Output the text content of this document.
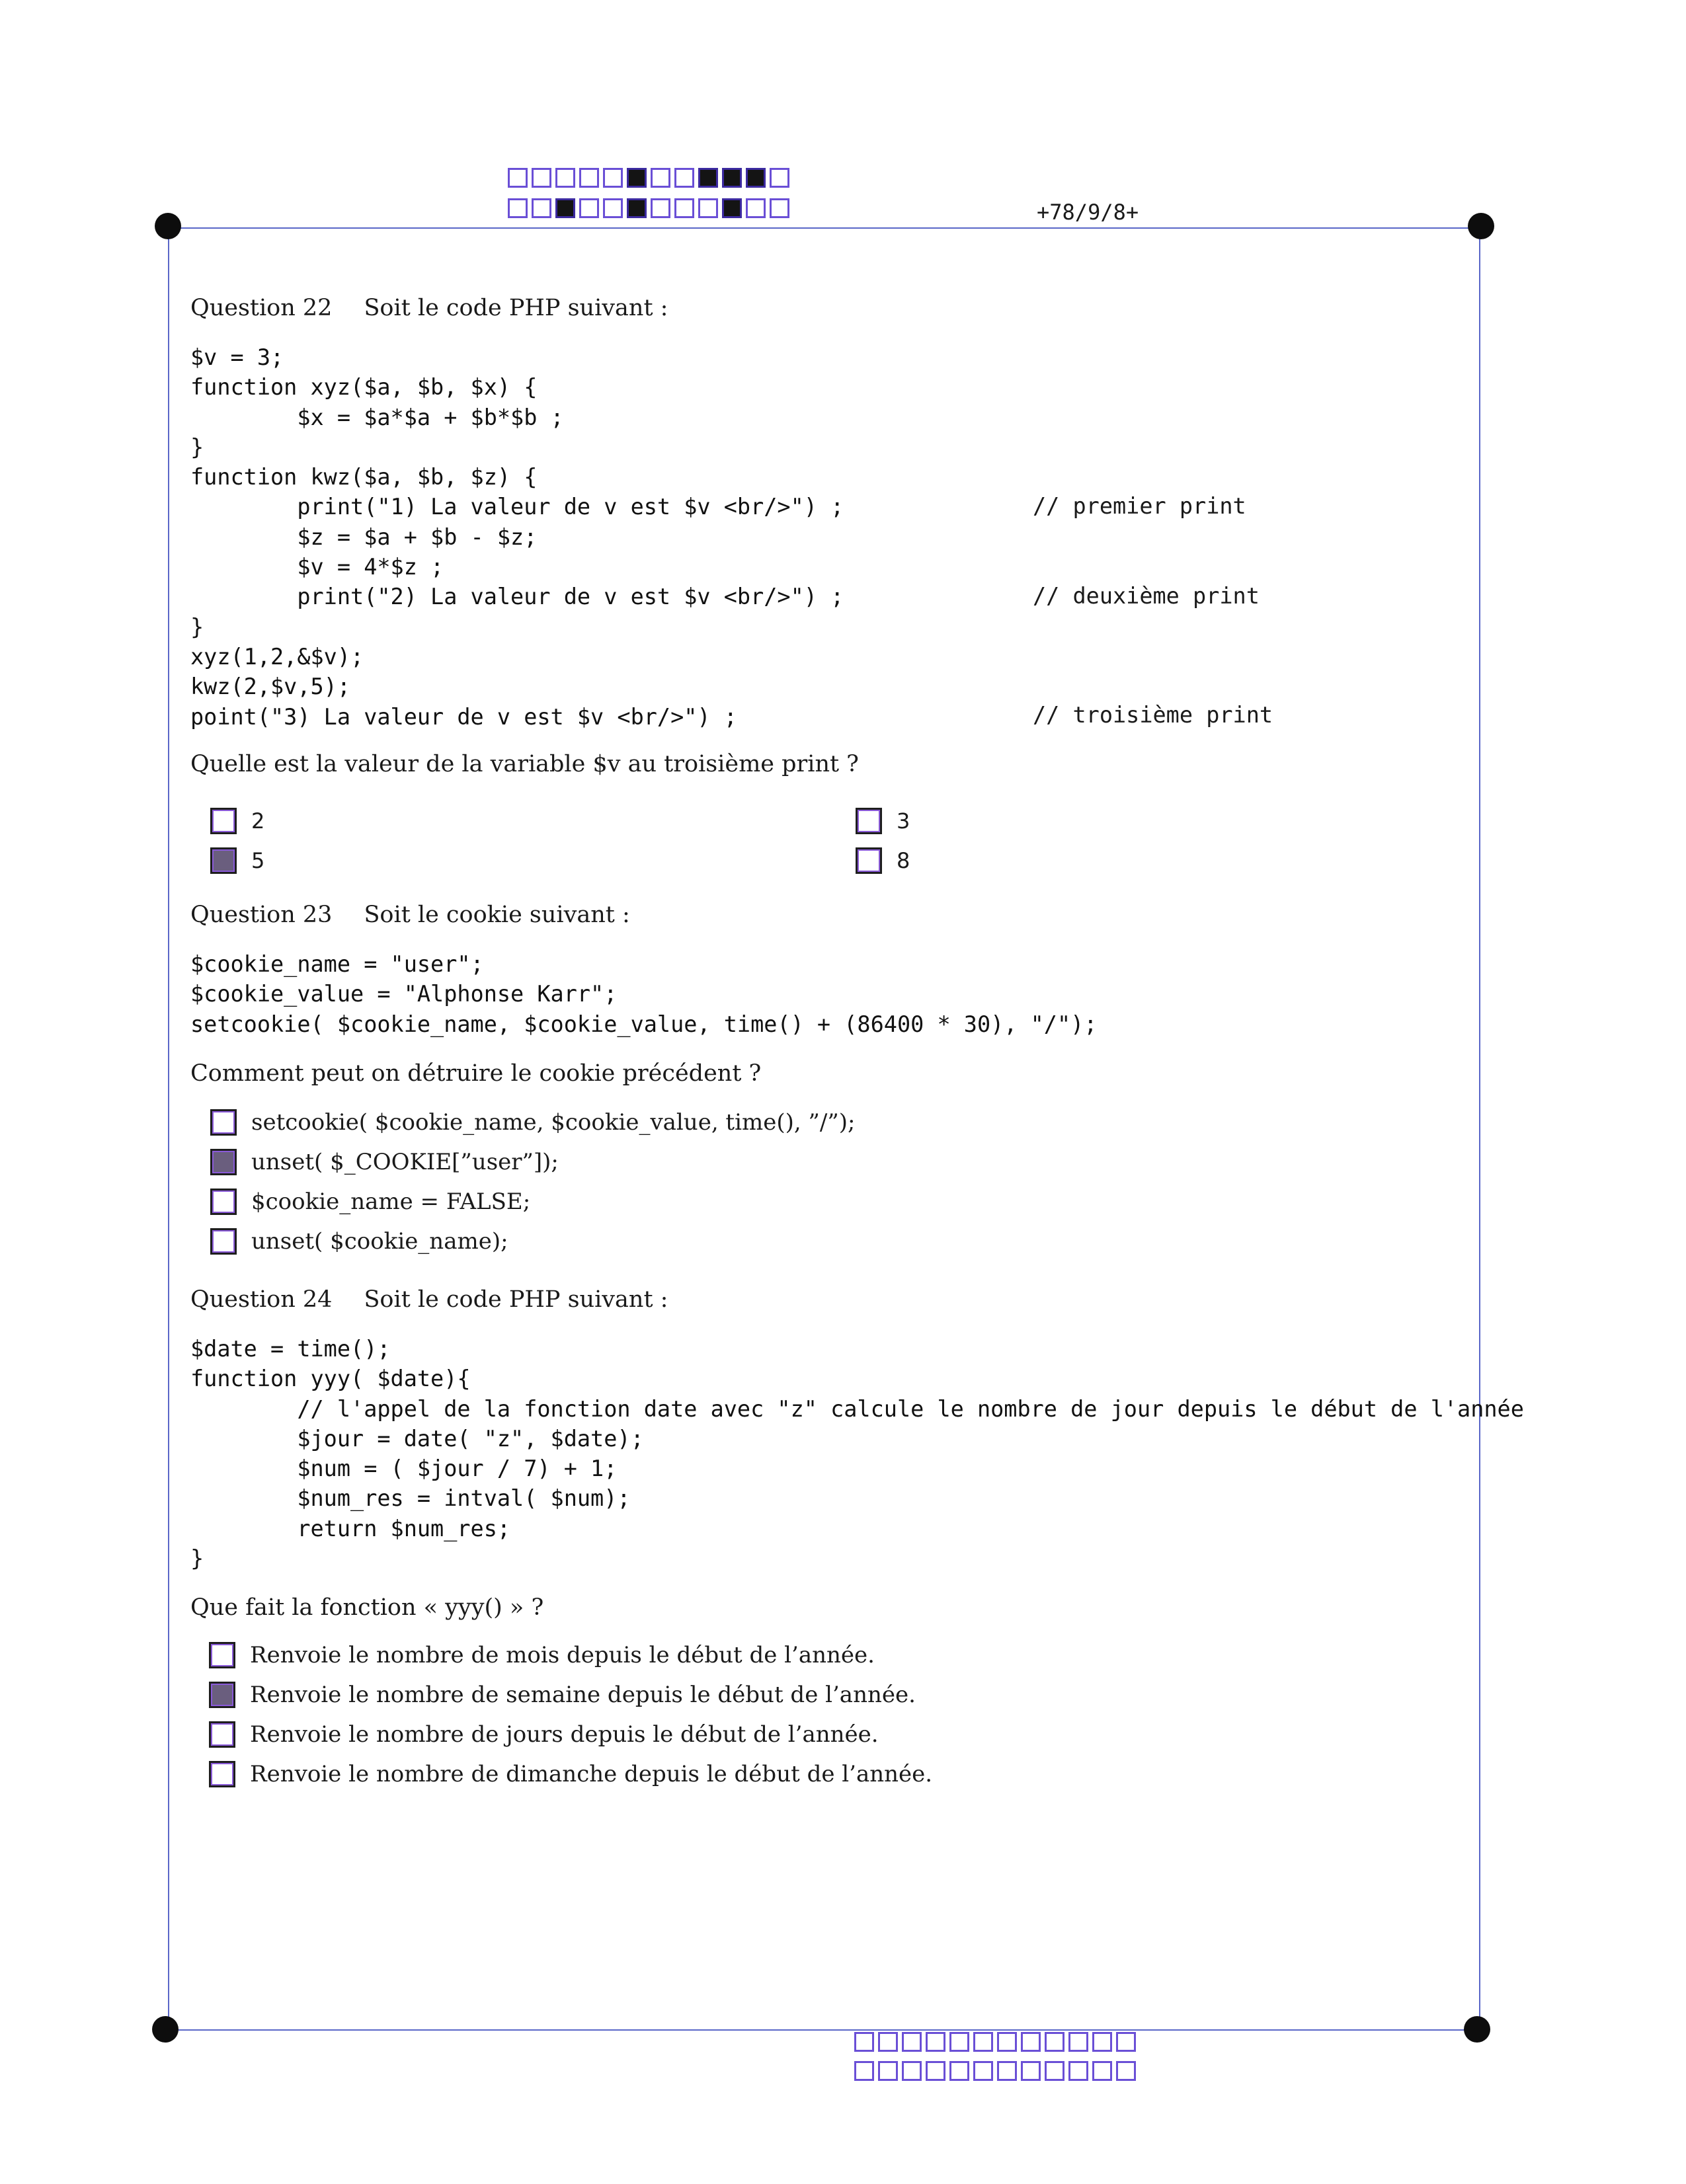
+78/9/8+
Question 22 Soit le code PHP suivant :
$v = 3;
function xyz($a, $b, $x) {
$x = $a*$a + $b*$b ;
}
function kwz($a, $b, $z) {
print("1) La valeur de v est $v <br/>") ;
$z = $a + $b - $z;
$v = 4*$z ;
print("2) La valeur de v est $v <br/>") ;
}
xyz(1,2,&$v);
kwz(2,$v,5);
point("3) La valeur de v est $v <br/>") ;
// premier print
// deuxième print
// troisième print
Quelle est la valeur de la variable $v au troisième print ?
2	3
5	8
Question 23 Soit le cookie suivant :
$cookie_name = "user";
$cookie_value = "Alphonse Karr";
setcookie( $cookie_name, $cookie_value, time() + (86400 * 30), "/");
Comment peut on détruire le cookie précédent ?
setcookie( $cookie_name, $cookie_value, time(), ”/”);
unset( $_COOKIE[”user”]);
$cookie_name = FALSE;
unset( $cookie_name);
Question 24 Soit le code PHP suivant :
$date = time();
function yyy( $date){
// l'appel de la fonction date avec "z" calcule le nombre de jour depuis le début de l'année
$jour = date( "z", $date);
$num = ( $jour / 7) + 1;
$num_res = intval( $num);
return $num_res;
}
Que fait la fonction « yyy() » ?
Renvoie le nombre de mois depuis le début de l’année.
Renvoie le nombre de semaine depuis le début de l’année.
Renvoie le nombre de jours depuis le début de l’année.
Renvoie le nombre de dimanche depuis le début de l’année.
